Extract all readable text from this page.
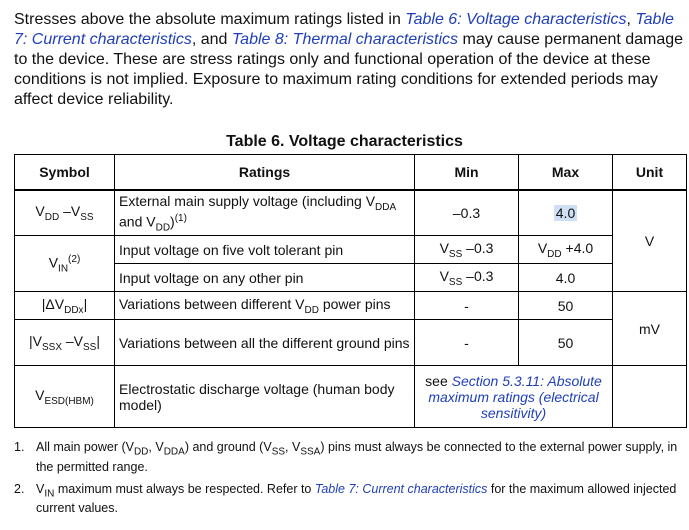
Stresses above the absolute maximum ratings listed in Table 6: Voltage characteristics, Table 7: Current characteristics, and Table 8: Thermal characteristics may cause permanent damage to the device. These are stress ratings only and functional operation of the device at these conditions is not implied. Exposure to maximum rating conditions for extended periods may affect device reliability.
Table 6. Voltage characteristics
Symbol	Ratings	Min	Max	Unit
$V_{DD}$ $-V_{SS}$	External main supply voltage (including $V_{DDA}$ and $V_{DD})^{(1)}$	–0.3	4.0	V
$V_{IN}^{(2)}$	Input voltage on five volt tolerant pin	$V_{SS}$ –0.3	$V_{DD} +4.0$	
	Input voltage on any other pin	$V_{SS}$ –0.3	4.0	
$|\Delta V_{DDx}|$	Variations between different $V_{DD}$ power pins	-	50	mV
$|V_{SSX}$ $-V_{SS}|$	Variations between all the different ground pins	-	50	
$V_{ESD(HBM)}$	Electrostatic discharge voltage (human body model)	see Section 5.3.11: Absolute maximum ratings (electrical sensitivity)		
1. All main power ($V_{DD}$, $V_{DDA}$) and ground ($V_{SS}$, $V_{SSA}$) pins must always be connected to the external power supply, in the permitted range.
2. $V_{IN}$ maximum must always be respected. Refer to Table 7: Current characteristics for the maximum allowed injected current values.
